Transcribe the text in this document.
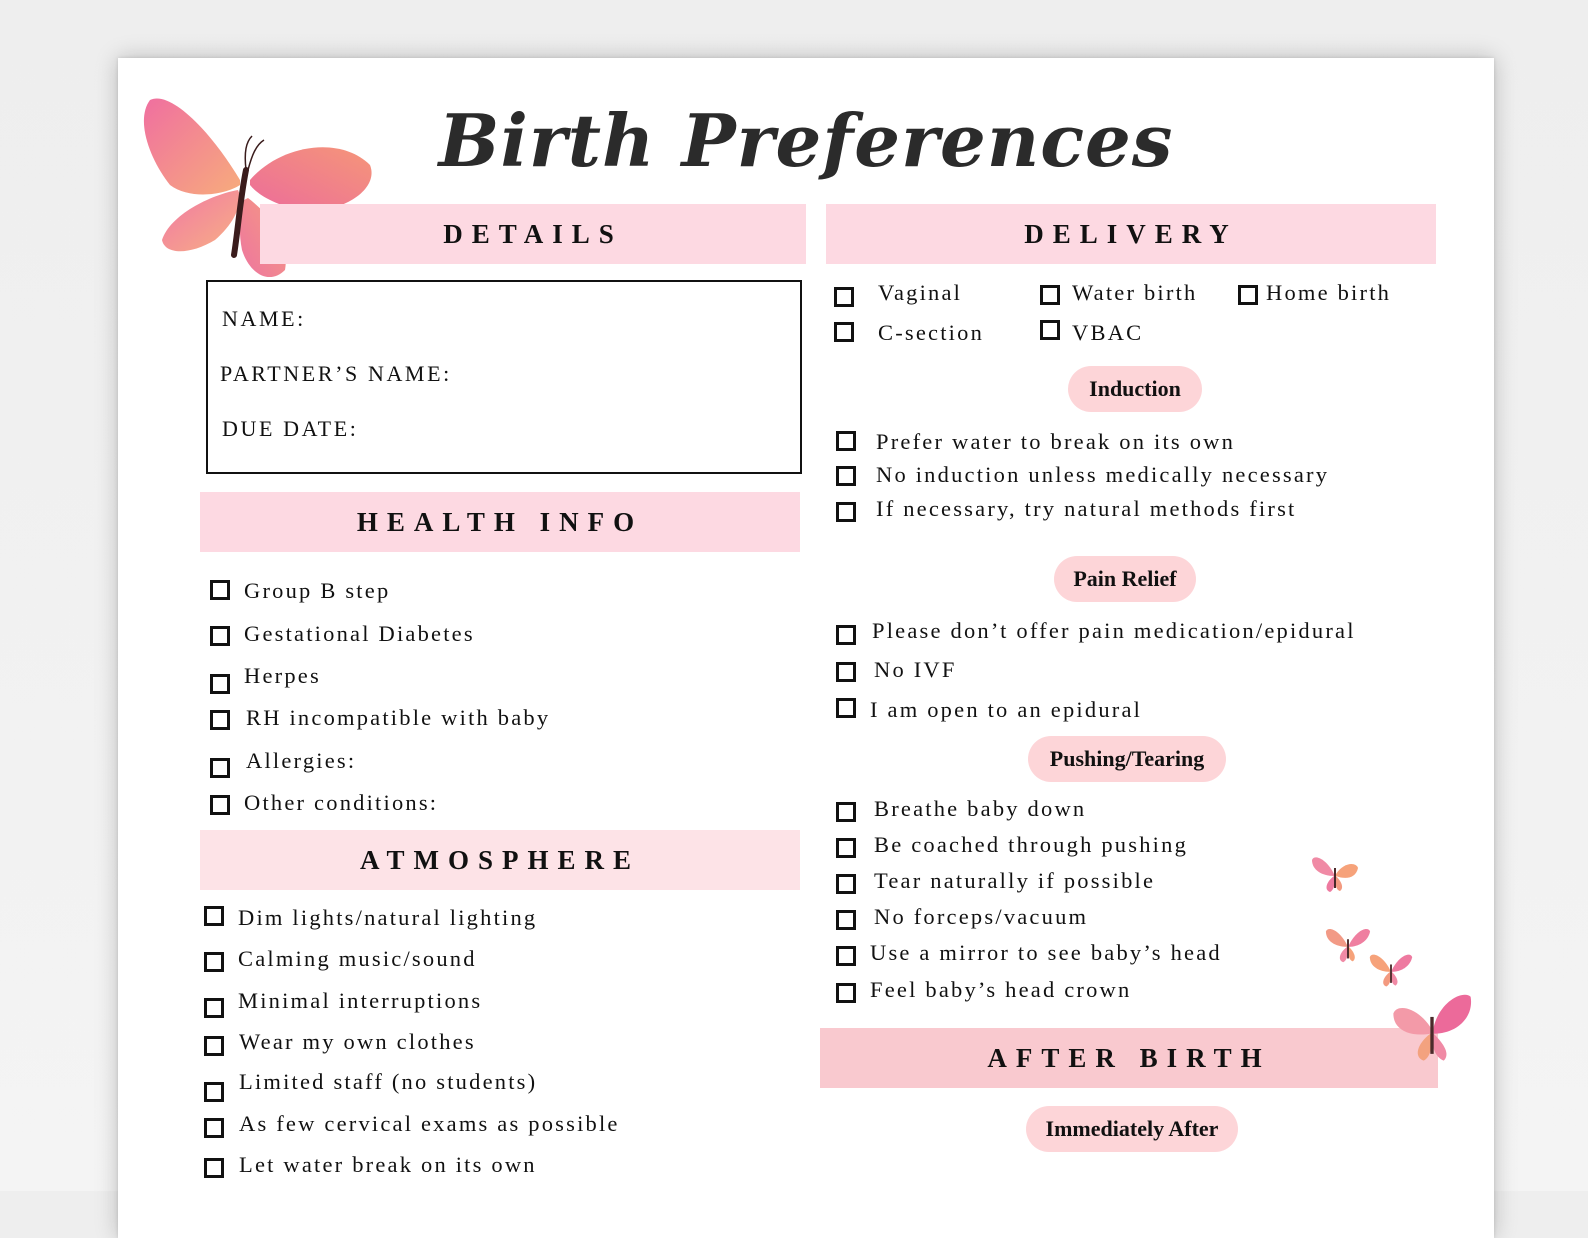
Birth Preferences
DETAILS
NAME:
PARTNER’S NAME:
DUE DATE:
HEALTH INFO
Group B step
Gestational Diabetes
Herpes
RH incompatible with baby
Allergies:
Other conditions:
ATMOSPHERE
Dim lights/natural lighting
Calming music/sound
Minimal interruptions
Wear my own clothes
Limited staff (no students)
As few cervical exams as possible
Let water break on its own
DELIVERY
Vaginal	Water birth	Home birth
C-section	VBAC
Induction
Prefer water to break on its own
No induction unless medically necessary
If necessary, try natural methods first
Pain Relief
Please don’t offer pain medication/epidural
No IVF
I am open to an epidural
Pushing/Tearing
Breathe baby down
Be coached through pushing
Tear naturally if possible
No forceps/vacuum
Use a mirror to see baby’s head
Feel baby’s head crown
AFTER BIRTH
Immediately After
